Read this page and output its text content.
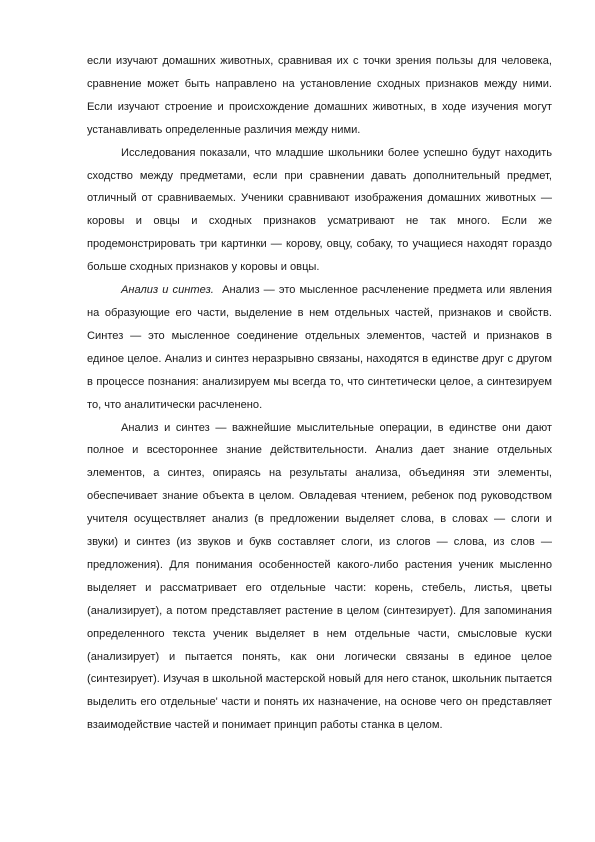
если изучают домашних животных, сравнивая их с точки зрения пользы для человека, сравнение может быть направлено на установление сходных признаков между ними. Если изучают строение и происхождение домашних животных, в ходе изучения могут устанавливать определенные различия между ними.

Исследования показали, что младшие школьники более успешно будут находить сходство между предметами, если при сравнении давать дополнительный предмет, отличный от сравниваемых. Ученики сравнивают изображения домашних животных — коровы и овцы и сходных признаков усматривают не так много. Если же продемонстрировать три картинки — корову, овцу, собаку, то учащиеся находят гораздо больше сходных признаков у коровы и овцы.

Анализ и синтез.  Анализ — это мысленное расчленение предмета или явления на образующие его части, выделение в нем отдельных частей, признаков и свойств. Синтез — это мысленное соединение отдельных элементов, частей и признаков в единое целое. Анализ и синтез неразрывно связаны, находятся в единстве друг с другом в процессе познания: анализируем мы всегда то, что синтетически целое, а синтезируем то, что аналитически расчленено.

Анализ и синтез — важнейшие мыслительные операции, в единстве они дают полное и всестороннее знание действительности. Анализ дает знание отдельных элементов, а синтез, опираясь на результаты анализа, объединяя эти элементы, обеспечивает знание объекта в целом. Овладевая чтением, ребенок под руководством учителя осуществляет анализ (в предложении выделяет слова, в словах — слоги и звуки) и синтез (из звуков и букв составляет слоги, из слогов — слова, из слов — предложения). Для понимания особенностей какого-либо растения ученик мысленно выделяет и рассматривает его отдельные части: корень, стебель, листья, цветы (анализирует), а потом представляет растение в целом (синтезирует). Для запоминания определенного текста ученик выделяет в нем отдельные части, смысловые куски (анализирует) и пытается понять, как они логически связаны в единое целое (синтезирует). Изучая в школьной мастерской новый для него станок, школьник пытается выделить его отдельные' части и понять их назначение, на основе чего он представляет взаимодействие частей и понимает принцип работы станка в целом.
